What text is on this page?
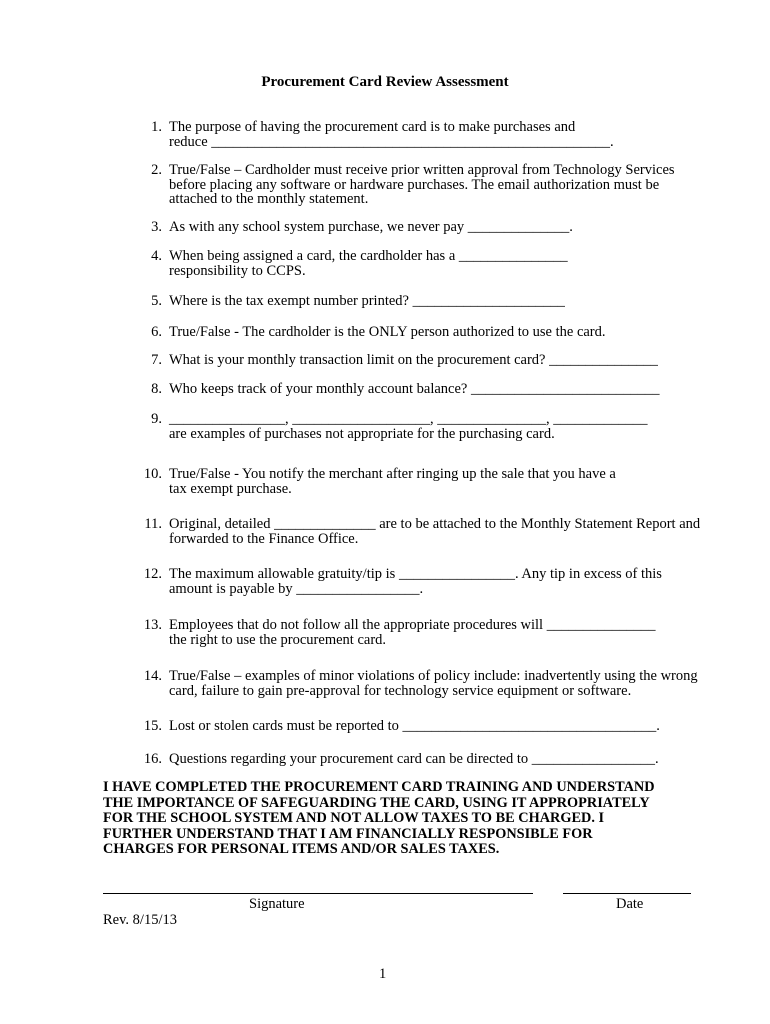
Procurement Card Review Assessment
1. The purpose of having the procurement card is to make purchases and
reduce _______________________________________________________.
2. True/False – Cardholder must receive prior written approval from Technology Services
before placing any software or hardware purchases. The email authorization must be
attached to the monthly statement.
3. As with any school system purchase, we never pay ______________.
4. When being assigned a card, the cardholder has a _______________
responsibility to CCPS.
5. Where is the tax exempt number printed? _____________________
6. True/False - The cardholder is the ONLY person authorized to use the card.
7. What is your monthly transaction limit on the procurement card? _______________
8. Who keeps track of your monthly account balance? __________________________
9. ________________, ___________________, _______________, _____________
are examples of purchases not appropriate for the purchasing card.
10. True/False - You notify the merchant after ringing up the sale that you have a
tax exempt purchase.
11. Original, detailed ______________ are to be attached to the Monthly Statement Report and
forwarded to the Finance Office.
12. The maximum allowable gratuity/tip is ________________. Any tip in excess of this
amount is payable by _________________.
13. Employees that do not follow all the appropriate procedures will _______________
the right to use the procurement card.
14. True/False – examples of minor violations of policy include: inadvertently using the wrong
card, failure to gain pre-approval for technology service equipment or software.
15. Lost or stolen cards must be reported to ___________________________________.
16. Questions regarding your procurement card can be directed to _________________.
I HAVE COMPLETED THE PROCUREMENT CARD TRAINING AND UNDERSTAND
THE IMPORTANCE OF SAFEGUARDING THE CARD, USING IT APPROPRIATELY
FOR THE SCHOOL SYSTEM AND NOT ALLOW TAXES TO BE CHARGED. I
FURTHER UNDERSTAND THAT I AM FINANCIALLY RESPONSIBLE FOR
CHARGES FOR PERSONAL ITEMS AND/OR SALES TAXES.
Signature	Date
Rev. 8/15/13
1
